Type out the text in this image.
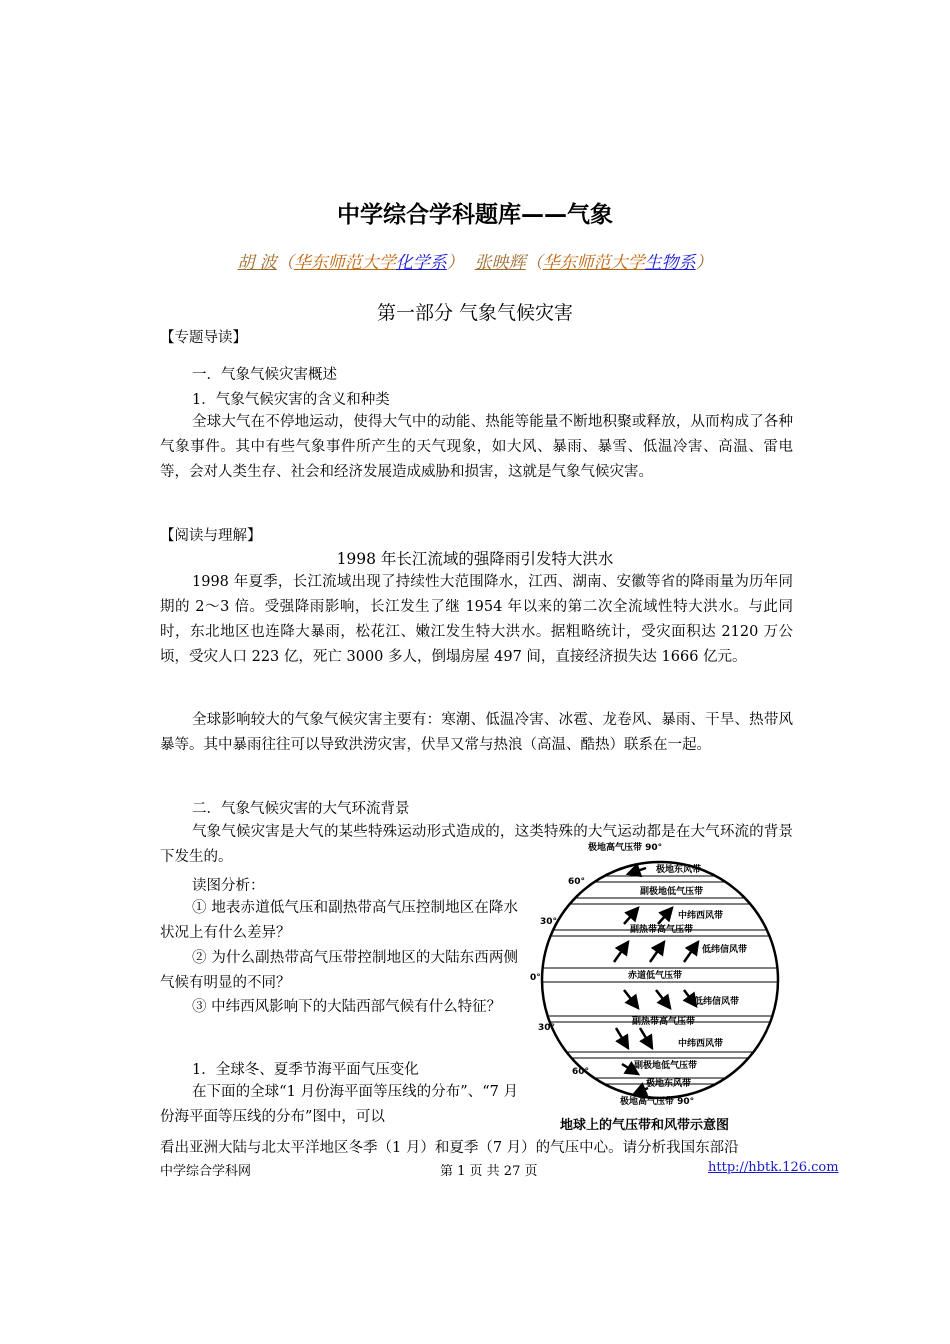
中学综合学科题库——气象
胡 波（华东师范大学化学系） 张映辉（华东师范大学生物系）
第一部分 气象气候灾害
【专题导读】
一．气象气候灾害概述
1．气象气候灾害的含义和种类
全球大气在不停地运动，使得大气中的动能、热能等能量不断地积聚或释放，从而构成了各种气象事件。其中有些气象事件所产生的天气现象，如大风、暴雨、暴雪、低温冷害、高温、雷电等，会对人类生存、社会和经济发展造成威胁和损害，这就是气象气候灾害。
【阅读与理解】
1998 年长江流域的强降雨引发特大洪水
1998 年夏季，长江流域出现了持续性大范围降水，江西、湖南、安徽等省的降雨量为历年同期的 2～3 倍。受强降雨影响，长江发生了继 1954 年以来的第二次全流域性特大洪水。与此同时，东北地区也连降大暴雨，松花江、嫩江发生特大洪水。据粗略统计，受灾面积达 2120 万公顷，受灾人口 223 亿，死亡 3000 多人，倒塌房屋 497 间，直接经济损失达 1666 亿元。
全球影响较大的气象气候灾害主要有：寒潮、低温冷害、冰雹、龙卷风、暴雨、干旱、热带风暴等。其中暴雨往往可以导致洪涝灾害，伏旱又常与热浪（高温、酷热）联系在一起。
二．气象气候灾害的大气环流背景
气象气候灾害是大气的某些特殊运动形式造成的，这类特殊的大气运动都是在大气环流的背景下发生的。
读图分析：
① 地表赤道低气压和副热带高气压控制地区在降水状况上有什么差异？
② 为什么副热带高气压带控制地区的大陆东西两侧气候有明显的不同？
③ 中纬西风影响下的大陆西部气候有什么特征？
1．全球冬、夏季节海平面气压变化
在下面的全球“1 月份海平面等压线的分布”、“7 月份海平面等压线的分布”图中，可以
看出亚洲大陆与北太平洋地区冬季（1 月）和夏季（7 月）的气压中心。请分析我国东部沿
极地高气压带 90°
极地东风带
副极地低气压带
中纬西风带
副热带高气压带
低纬信风带
赤道低气压带
低纬信风带
副热带高气压带
中纬西风带
副极地低气压带
极地东风带
极地高气压带 90°
60°
30°
0°
30°
60°
地球上的气压带和风带示意图
中学综合学科网	第 1 页 共 27 页	http://hbtk.126.com
